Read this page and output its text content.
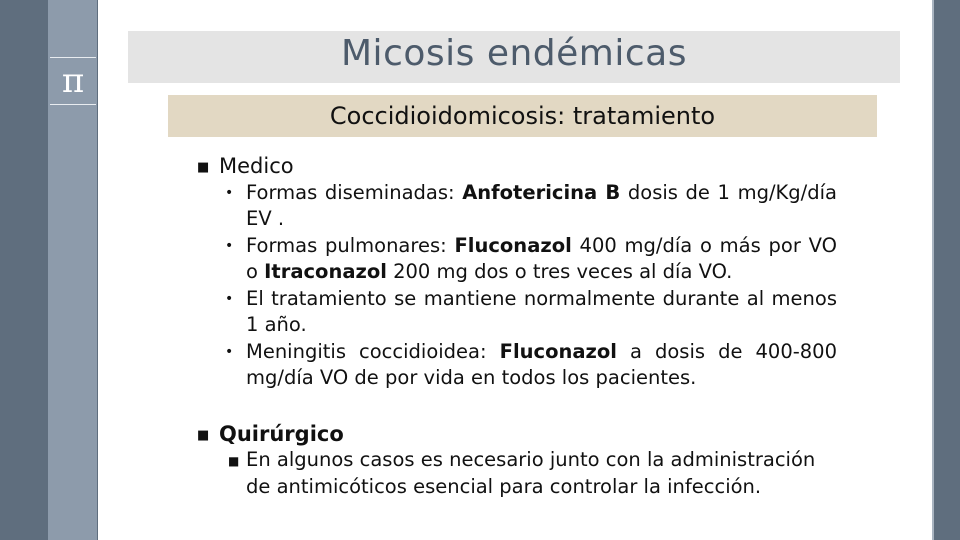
π
Micosis endémicas
Coccidioidomicosis: tratamiento
■ Medico
• Formas diseminadas: Anfotericina B dosis de 1 mg/Kg/día EV .
• Formas pulmonares: Fluconazol 400 mg/día o más por VO o Itraconazol 200 mg dos o tres veces al día VO.
• El tratamiento se mantiene normalmente durante al menos 1 año.
• Meningitis coccidioidea: Fluconazol a dosis de 400-800 mg/día VO de por vida en todos los pacientes.
■ Quirúrgico
■ En algunos casos es necesario junto con la administración de antimicóticos esencial para controlar la infección.
